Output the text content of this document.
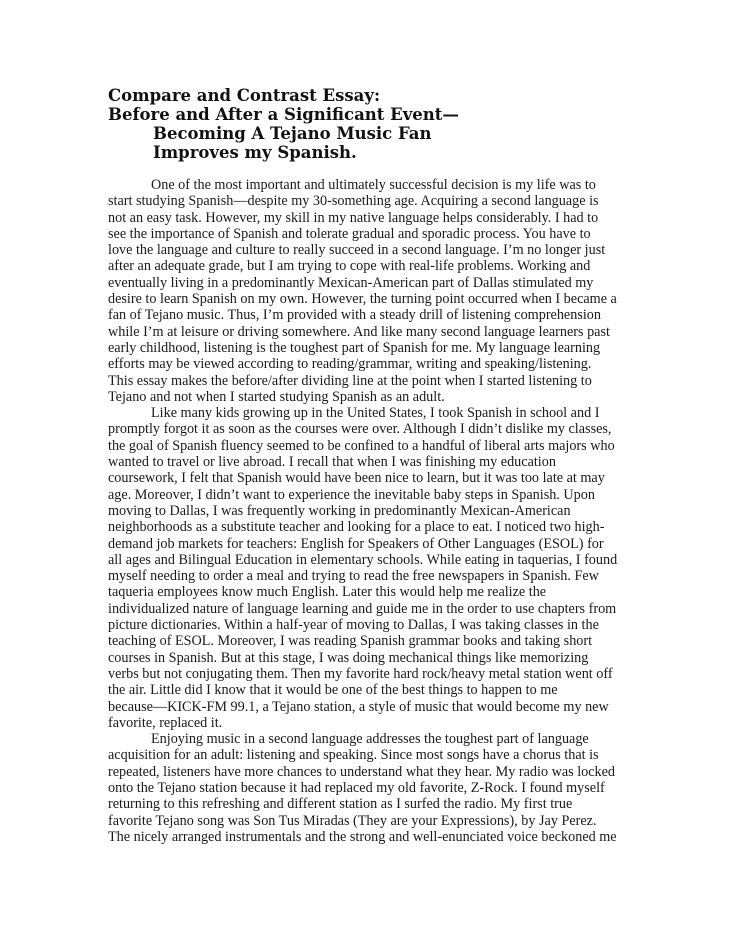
Compare and Contrast Essay:
Before and After a Significant Event—
Becoming A Tejano Music Fan
Improves my Spanish.
One of the most important and ultimately successful decision is my life was to
start studying Spanish—despite my 30-something age. Acquiring a second language is
not an easy task. However, my skill in my native language helps considerably. I had to
see the importance of Spanish and tolerate gradual and sporadic process. You have to
love the language and culture to really succeed in a second language. I’m no longer just
after an adequate grade, but I am trying to cope with real-life problems. Working and
eventually living in a predominantly Mexican-American part of Dallas stimulated my
desire to learn Spanish on my own. However, the turning point occurred when I became a
fan of Tejano music. Thus, I’m provided with a steady drill of listening comprehension
while I’m at leisure or driving somewhere. And like many second language learners past
early childhood, listening is the toughest part of Spanish for me. My language learning
efforts may be viewed according to reading/grammar, writing and speaking/listening.
This essay makes the before/after dividing line at the point when I started listening to
Tejano and not when I started studying Spanish as an adult.
Like many kids growing up in the United States, I took Spanish in school and I
promptly forgot it as soon as the courses were over. Although I didn’t dislike my classes,
the goal of Spanish fluency seemed to be confined to a handful of liberal arts majors who
wanted to travel or live abroad. I recall that when I was finishing my education
coursework, I felt that Spanish would have been nice to learn, but it was too late at may
age. Moreover, I didn’t want to experience the inevitable baby steps in Spanish. Upon
moving to Dallas, I was frequently working in predominantly Mexican-American
neighborhoods as a substitute teacher and looking for a place to eat. I noticed two high-
demand job markets for teachers: English for Speakers of Other Languages (ESOL) for
all ages and Bilingual Education in elementary schools. While eating in taquerias, I found
myself needing to order a meal and trying to read the free newspapers in Spanish. Few
taqueria employees know much English. Later this would help me realize the
individualized nature of language learning and guide me in the order to use chapters from
picture dictionaries. Within a half-year of moving to Dallas, I was taking classes in the
teaching of ESOL. Moreover, I was reading Spanish grammar books and taking short
courses in Spanish. But at this stage, I was doing mechanical things like memorizing
verbs but not conjugating them. Then my favorite hard rock/heavy metal station went off
the air. Little did I know that it would be one of the best things to happen to me
because—KICK-FM 99.1, a Tejano station, a style of music that would become my new
favorite, replaced it.
Enjoying music in a second language addresses the toughest part of language
acquisition for an adult: listening and speaking. Since most songs have a chorus that is
repeated, listeners have more chances to understand what they hear. My radio was locked
onto the Tejano station because it had replaced my old favorite, Z-Rock. I found myself
returning to this refreshing and different station as I surfed the radio. My first true
favorite Tejano song was Son Tus Miradas (They are your Expressions), by Jay Perez.
The nicely arranged instrumentals and the strong and well-enunciated voice beckoned me
